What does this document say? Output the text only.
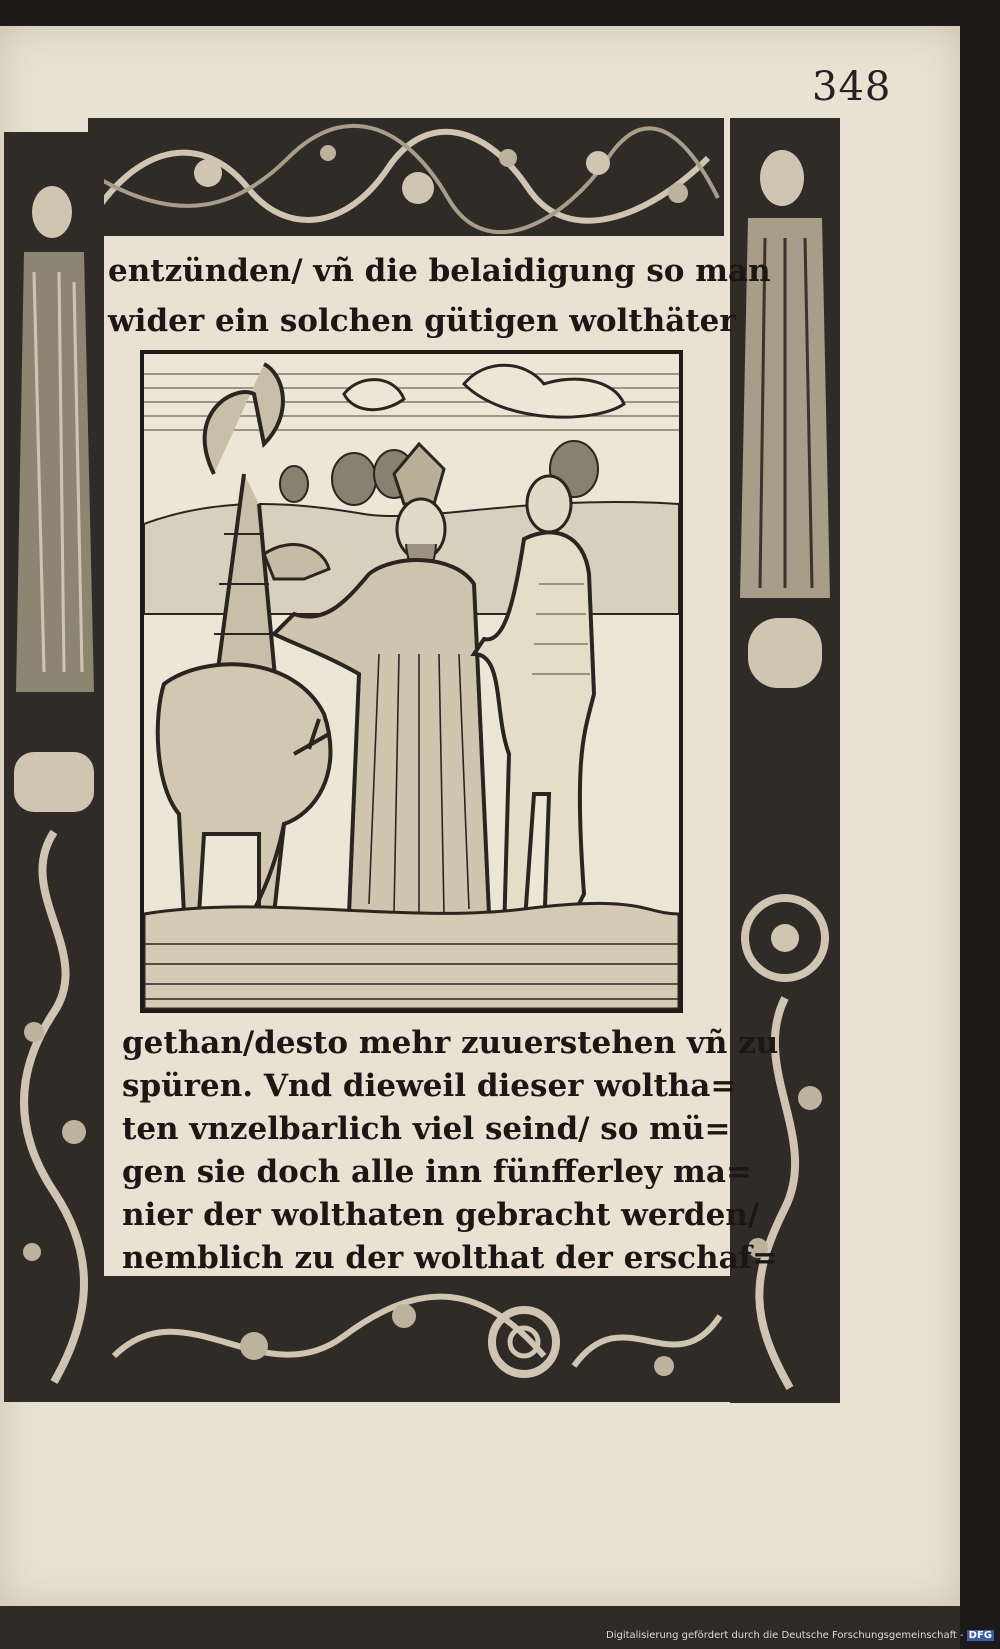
348
entzünden/ vñ die belaidigung so man
wider ein solchen gütigen wolthäter
gethan/desto mehr zuuerstehen vñ zu
spüren. Vnd dieweil dieser woltha=
ten vnzelbarlich viel seind/ so mü=
gen sie doch alle inn fünfferley ma=
nier der wolthaten gebracht werden/
nemblich zu der wolthat der erschaf=
Digitalisierung gefördert durch die Deutsche Forschungsgemeinschaft - DFG
